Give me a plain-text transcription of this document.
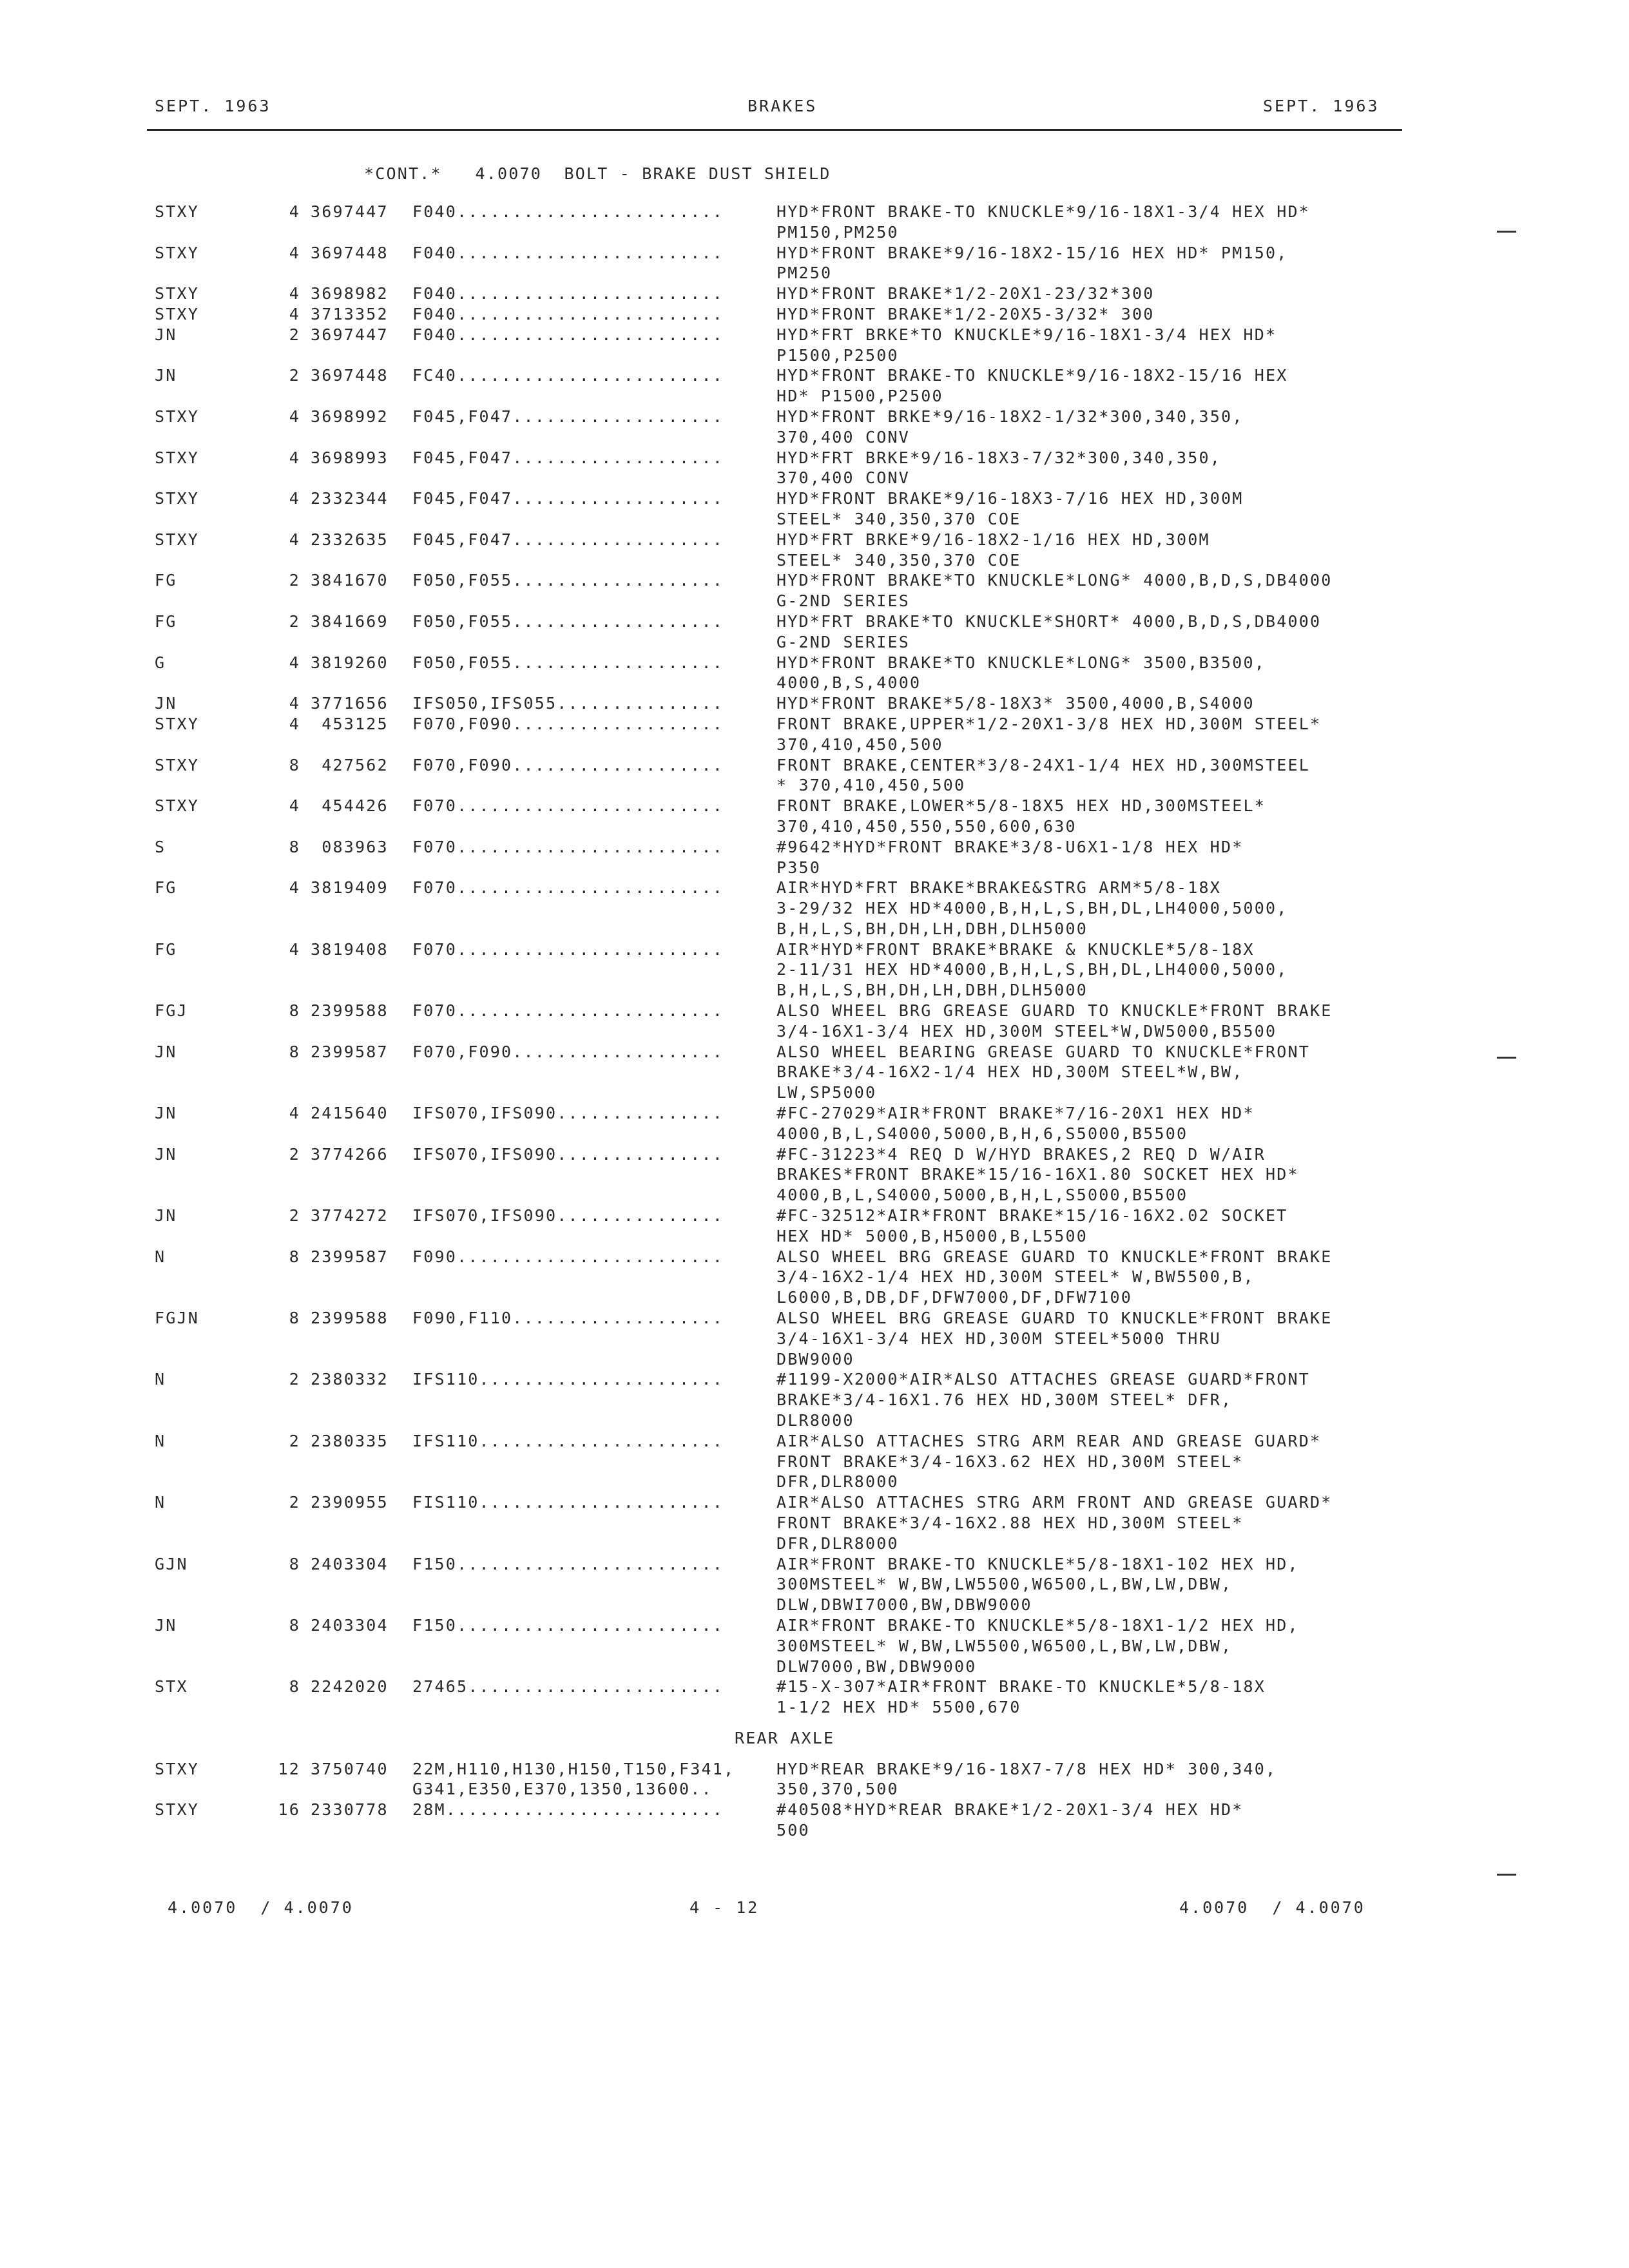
SEPT. 1963	BRAKES	SEPT. 1963
*CONT.*   4.0070  BOLT - BRAKE DUST SHIELD
STXY	4 3697447 F040........................	HYD*FRONT BRAKE-TO KNUCKLE*9/16-18X1-3/4 HEX HD*
PM150,PM250
STXY	4 3697448 F040........................	HYD*FRONT BRAKE*9/16-18X2-15/16 HEX HD* PM150,
PM250
STXY	4 3698982 F040........................	HYD*FRONT BRAKE*1/2-20X1-23/32*300
STXY	4 3713352 F040........................	HYD*FRONT BRAKE*1/2-20X5-3/32* 300
JN	2 3697447 F040........................	HYD*FRT BRKE*TO KNUCKLE*9/16-18X1-3/4 HEX HD*
P1500,P2500
JN	2 3697448 FC40........................	HYD*FRONT BRAKE-TO KNUCKLE*9/16-18X2-15/16 HEX
HD* P1500,P2500
STXY	4 3698992 F045,F047...................	HYD*FRONT BRKE*9/16-18X2-1/32*300,340,350,
370,400 CONV
STXY	4 3698993 F045,F047...................	HYD*FRT BRKE*9/16-18X3-7/32*300,340,350,
370,400 CONV
STXY	4 2332344 F045,F047...................	HYD*FRONT BRAKE*9/16-18X3-7/16 HEX HD,300M
STEEL* 340,350,370 COE
STXY	4 2332635 F045,F047...................	HYD*FRT BRKE*9/16-18X2-1/16 HEX HD,300M
STEEL* 340,350,370 COE
FG	2 3841670 F050,F055...................	HYD*FRONT BRAKE*TO KNUCKLE*LONG* 4000,B,D,S,DB4000
G-2ND SERIES
FG	2 3841669 F050,F055...................	HYD*FRT BRAKE*TO KNUCKLE*SHORT* 4000,B,D,S,DB4000
G-2ND SERIES
G	4 3819260 F050,F055...................	HYD*FRONT BRAKE*TO KNUCKLE*LONG* 3500,B3500,
4000,B,S,4000
JN	4 3771656 IFS050,IFS055...............	HYD*FRONT BRAKE*5/8-18X3* 3500,4000,B,S4000
STXY	4 453125 F070,F090...................	FRONT BRAKE,UPPER*1/2-20X1-3/8 HEX HD,300M STEEL*
370,410,450,500
STXY	8 427562 F070,F090...................	FRONT BRAKE,CENTER*3/8-24X1-1/4 HEX HD,300MSTEEL
* 370,410,450,500
STXY	4 454426 F070........................	FRONT BRAKE,LOWER*5/8-18X5 HEX HD,300MSTEEL*
370,410,450,550,550,600,630
S	8 083963 F070........................	#9642*HYD*FRONT BRAKE*3/8-U6X1-1/8 HEX HD*
P350
FG	4 3819409 F070........................	AIR*HYD*FRT BRAKE*BRAKE&STRG ARM*5/8-18X
3-29/32 HEX HD*4000,B,H,L,S,BH,DL,LH4000,5000,
B,H,L,S,BH,DH,LH,DBH,DLH5000
FG	4 3819408 F070........................	AIR*HYD*FRONT BRAKE*BRAKE & KNUCKLE*5/8-18X
2-11/31 HEX HD*4000,B,H,L,S,BH,DL,LH4000,5000,
B,H,L,S,BH,DH,LH,DBH,DLH5000
FGJ	8 2399588 F070........................	ALSO WHEEL BRG GREASE GUARD TO KNUCKLE*FRONT BRAKE
3/4-16X1-3/4 HEX HD,300M STEEL*W,DW5000,B5500
JN	8 2399587 F070,F090...................	ALSO WHEEL BEARING GREASE GUARD TO KNUCKLE*FRONT
BRAKE*3/4-16X2-1/4 HEX HD,300M STEEL*W,BW,
LW,SP5000
JN	4 2415640 IFS070,IFS090...............	#FC-27029*AIR*FRONT BRAKE*7/16-20X1 HEX HD*
4000,B,L,S4000,5000,B,H,6,S5000,B5500
JN	2 3774266 IFS070,IFS090...............	#FC-31223*4 REQ D W/HYD BRAKES,2 REQ D W/AIR
BRAKES*FRONT BRAKE*15/16-16X1.80 SOCKET HEX HD*
4000,B,L,S4000,5000,B,H,L,S5000,B5500
JN	2 3774272 IFS070,IFS090...............	#FC-32512*AIR*FRONT BRAKE*15/16-16X2.02 SOCKET
HEX HD* 5000,B,H5000,B,L5500
N	8 2399587 F090........................	ALSO WHEEL BRG GREASE GUARD TO KNUCKLE*FRONT BRAKE
3/4-16X2-1/4 HEX HD,300M STEEL* W,BW5500,B,
L6000,B,DB,DF,DFW7000,DF,DFW7100
FGJN	8 2399588 F090,F110...................	ALSO WHEEL BRG GREASE GUARD TO KNUCKLE*FRONT BRAKE
3/4-16X1-3/4 HEX HD,300M STEEL*5000 THRU
DBW9000
N	2 2380332 IFS110......................	#1199-X2000*AIR*ALSO ATTACHES GREASE GUARD*FRONT
BRAKE*3/4-16X1.76 HEX HD,300M STEEL* DFR,
DLR8000
N	2 2380335 IFS110......................	AIR*ALSO ATTACHES STRG ARM REAR AND GREASE GUARD*
FRONT BRAKE*3/4-16X3.62 HEX HD,300M STEEL*
DFR,DLR8000
N	2 2390955 FIS110......................	AIR*ALSO ATTACHES STRG ARM FRONT AND GREASE GUARD*
FRONT BRAKE*3/4-16X2.88 HEX HD,300M STEEL*
DFR,DLR8000
GJN	8 2403304 F150........................	AIR*FRONT BRAKE-TO KNUCKLE*5/8-18X1-102 HEX HD,
300MSTEEL* W,BW,LW5500,W6500,L,BW,LW,DBW,
DLW,DBWI7000,BW,DBW9000
JN	8 2403304 F150........................	AIR*FRONT BRAKE-TO KNUCKLE*5/8-18X1-1/2 HEX HD,
300MSTEEL* W,BW,LW5500,W6500,L,BW,LW,DBW,
DLW7000,BW,DBW9000
STX	8 2242020 27465.......................	#15-X-307*AIR*FRONT BRAKE-TO KNUCKLE*5/8-18X
1-1/2 HEX HD* 5500,670
REAR AXLE
STXY	12 3750740 22M,H110,H130,H150,T150,F341,	HYD*REAR BRAKE*9/16-18X7-7/8 HEX HD* 300,340,
G341,E350,E370,1350,13600..	350,370,500
STXY	16 2330778 28M.........................	#40508*HYD*REAR BRAKE*1/2-20X1-3/4 HEX HD*
500
4.0070  / 4.0070	4 - 12	4.0070  / 4.0070
